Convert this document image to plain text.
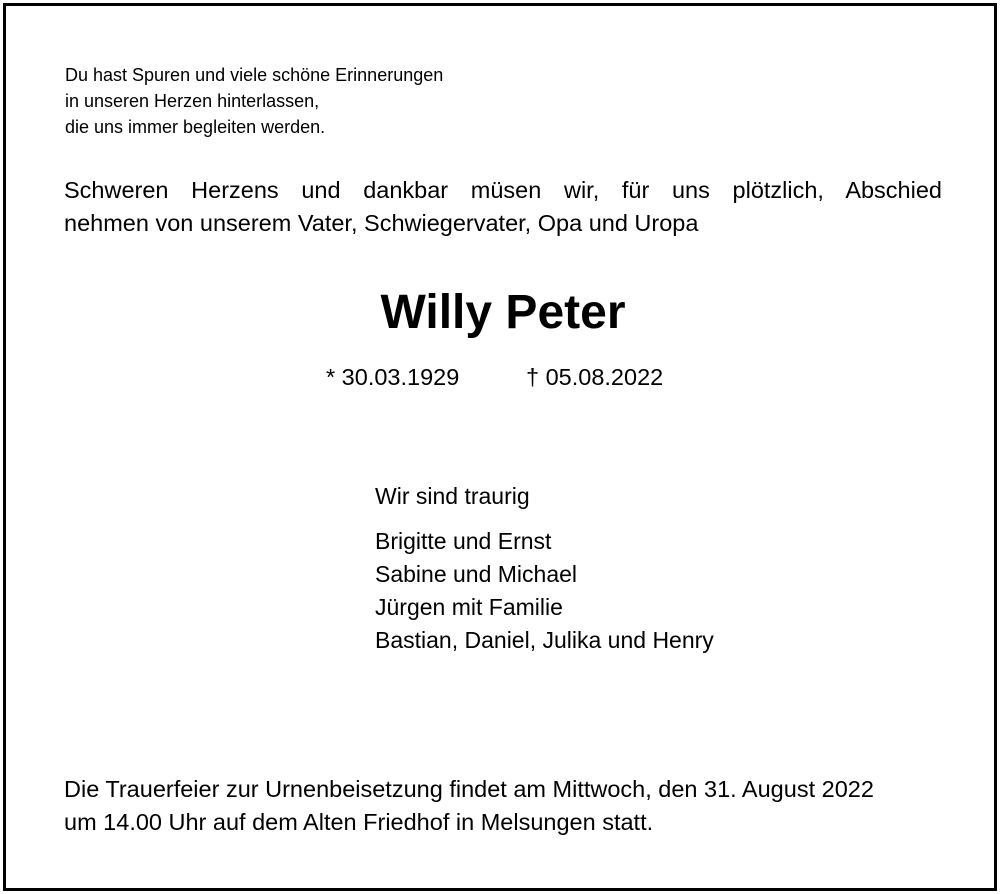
Du hast Spuren und viele schöne Erinnerungen
in unseren Herzen hinterlassen,
die uns immer begleiten werden.
Schweren Herzens und dankbar müsen wir, für uns plötzlich, Abschied
nehmen von unserem Vater, Schwiegervater, Opa und Uropa
Willy Peter
* 30.03.1929	† 05.08.2022
Wir sind traurig
Brigitte und Ernst
Sabine und Michael
Jürgen mit Familie
Bastian, Daniel, Julika und Henry
Die Trauerfeier zur Urnenbeisetzung findet am Mittwoch, den 31. August 2022
um 14.00 Uhr auf dem Alten Friedhof in Melsungen statt.
